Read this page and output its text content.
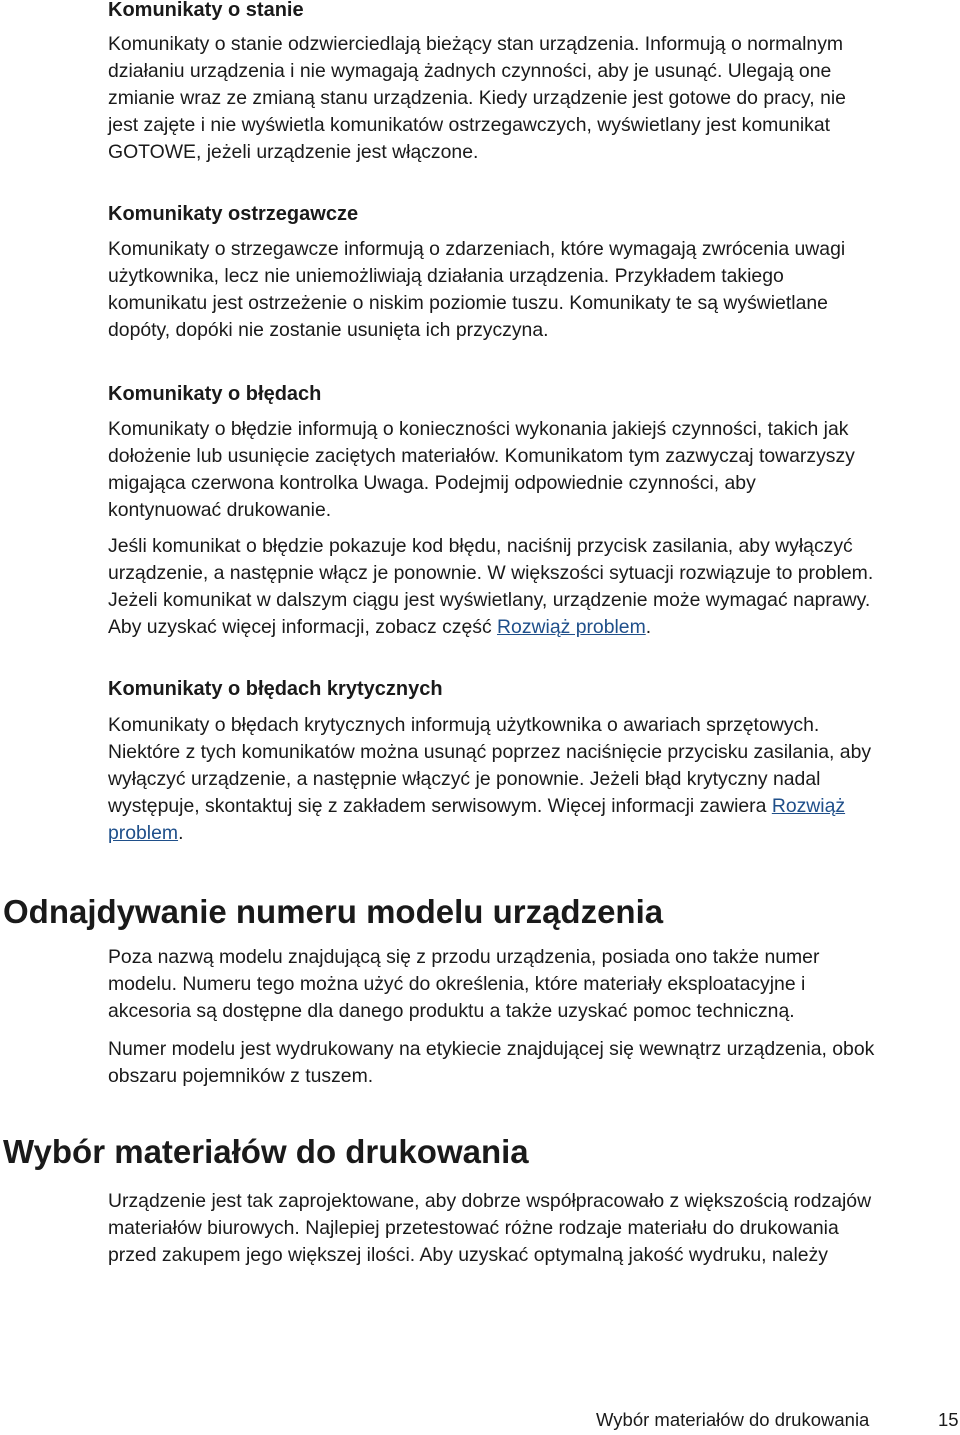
Komunikaty o stanie
Komunikaty o stanie odzwierciedlają bieżący stan urządzenia. Informują o normalnym
działaniu urządzenia i nie wymagają żadnych czynności, aby je usunąć. Ulegają one
zmianie wraz ze zmianą stanu urządzenia. Kiedy urządzenie jest gotowe do pracy, nie
jest zajęte i nie wyświetla komunikatów ostrzegawczych, wyświetlany jest komunikat
GOTOWE, jeżeli urządzenie jest włączone.
Komunikaty ostrzegawcze
Komunikaty o strzegawcze informują o zdarzeniach, które wymagają zwrócenia uwagi
użytkownika, lecz nie uniemożliwiają działania urządzenia. Przykładem takiego
komunikatu jest ostrzeżenie o niskim poziomie tuszu. Komunikaty te są wyświetlane
dopóty, dopóki nie zostanie usunięta ich przyczyna.
Komunikaty o błędach
Komunikaty o błędzie informują o konieczności wykonania jakiejś czynności, takich jak
dołożenie lub usunięcie zaciętych materiałów. Komunikatom tym zazwyczaj towarzyszy
migająca czerwona kontrolka Uwaga. Podejmij odpowiednie czynności, aby
kontynuować drukowanie.
Jeśli komunikat o błędzie pokazuje kod błędu, naciśnij przycisk zasilania, aby wyłączyć
urządzenie, a następnie włącz je ponownie. W większości sytuacji rozwiązuje to problem.
Jeżeli komunikat w dalszym ciągu jest wyświetlany, urządzenie może wymagać naprawy.
Aby uzyskać więcej informacji, zobacz część Rozwiąż problem.
Komunikaty o błędach krytycznych
Komunikaty o błędach krytycznych informują użytkownika o awariach sprzętowych.
Niektóre z tych komunikatów można usunąć poprzez naciśnięcie przycisku zasilania, aby
wyłączyć urządzenie, a następnie włączyć je ponownie. Jeżeli błąd krytyczny nadal
występuje, skontaktuj się z zakładem serwisowym. Więcej informacji zawiera Rozwiąż
problem.
Odnajdywanie numeru modelu urządzenia
Poza nazwą modelu znajdującą się z przodu urządzenia, posiada ono także numer
modelu. Numeru tego można użyć do określenia, które materiały eksploatacyjne i
akcesoria są dostępne dla danego produktu a także uzyskać pomoc techniczną.
Numer modelu jest wydrukowany na etykiecie znajdującej się wewnątrz urządzenia, obok
obszaru pojemników z tuszem.
Wybór materiałów do drukowania
Urządzenie jest tak zaprojektowane, aby dobrze współpracowało z większością rodzajów
materiałów biurowych. Najlepiej przetestować różne rodzaje materiału do drukowania
przed zakupem jego większej ilości. Aby uzyskać optymalną jakość wydruku, należy
Wybór materiałów do drukowania	15
